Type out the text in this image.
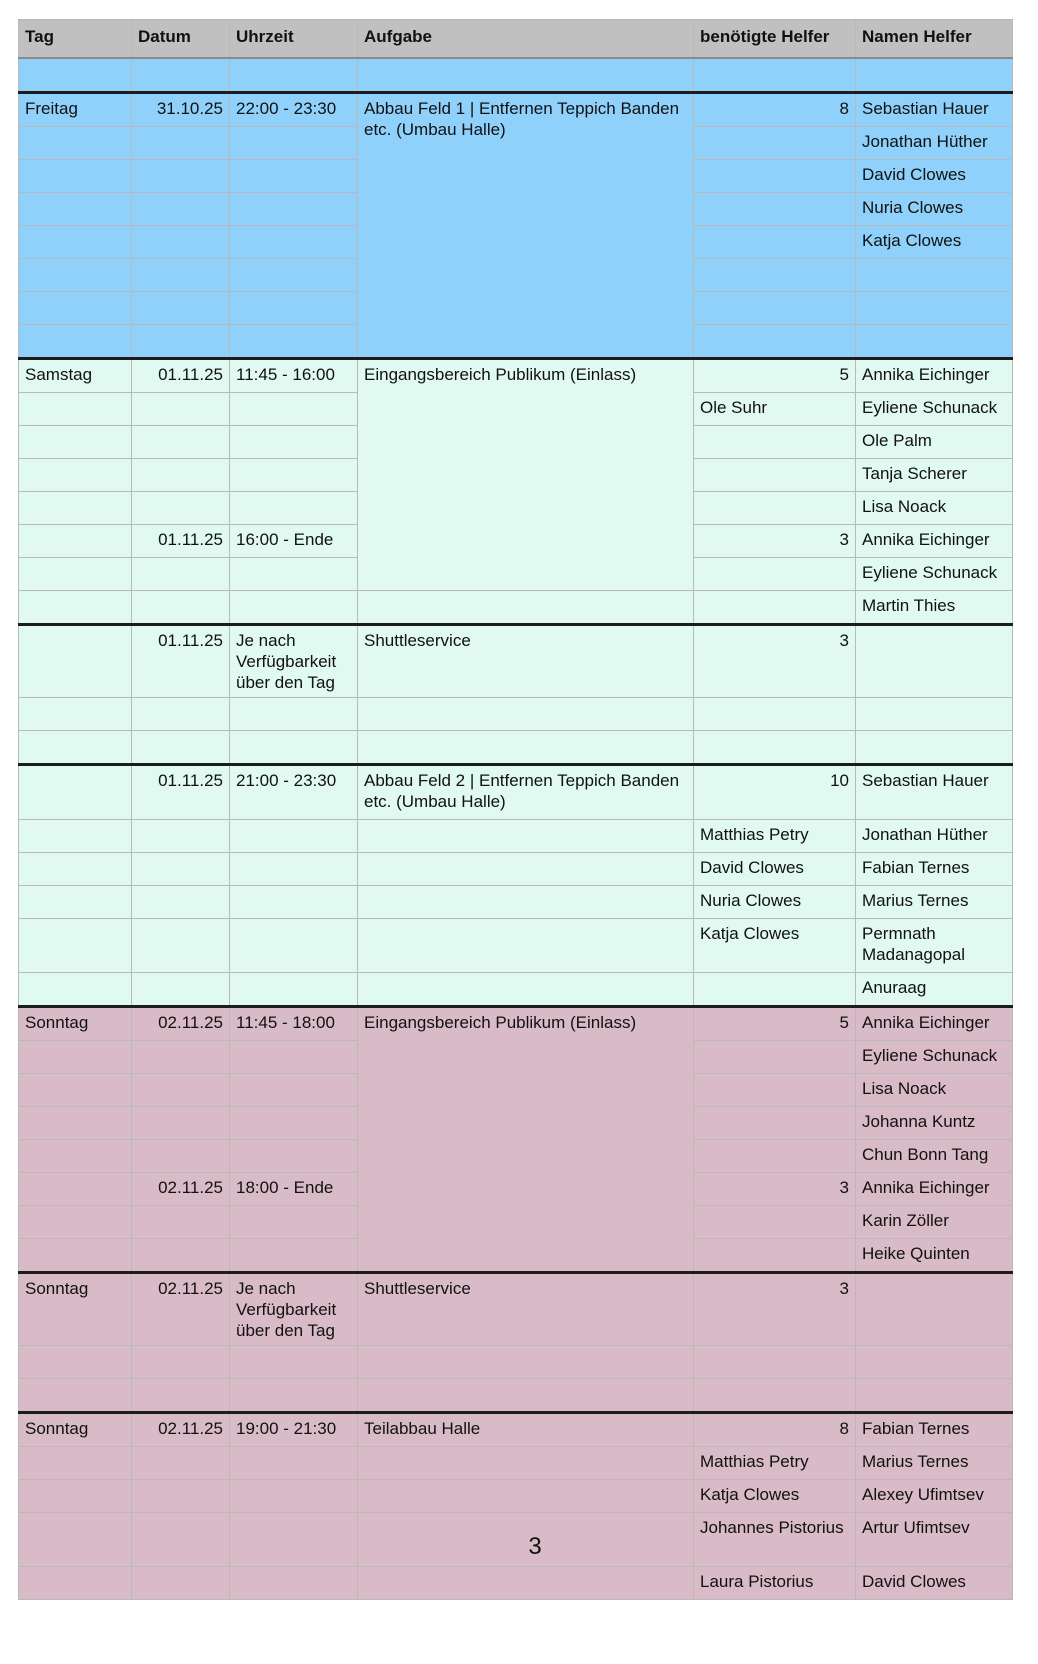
Tag	Datum	Uhrzeit	Aufgabe	benötigte Helfer	Namen Helfer

Freitag	31.10.25	22:00 - 23:30	Abbau Feld 1 | Entfernen Teppich Banden etc. (Umbau Halle)	8	Sebastian Hauer
					Jonathan Hüther
					David Clowes
					Nuria Clowes
					Katja Clowes

Samstag	01.11.25	11:45 - 16:00	Eingangsbereich Publikum (Einlass)	5	Annika Eichinger
				Ole Suhr	Eyliene Schunack
					Ole Palm
					Tanja Scherer
					Lisa Noack
	01.11.25	16:00 - Ende		3	Annika Eichinger
					Eyliene Schunack
					Martin Thies
	01.11.25	Je nach Verfügbarkeit über den Tag	Shuttleservice	3	

	01.11.25	21:00 - 23:30	Abbau Feld 2 | Entfernen Teppich Banden etc. (Umbau Halle)	10	Sebastian Hauer
				Matthias Petry	Jonathan Hüther
				David Clowes	Fabian Ternes
				Nuria Clowes	Marius Ternes
				Katja Clowes	Permnath Madanagopal
					Anuraag
Sonntag	02.11.25	11:45 - 18:00	Eingangsbereich Publikum (Einlass)	5	Annika Eichinger
					Eyliene Schunack
					Lisa Noack
					Johanna Kuntz
					Chun Bonn Tang
	02.11.25	18:00 - Ende		3	Annika Eichinger
					Karin Zöller
					Heike Quinten
Sonntag	02.11.25	Je nach Verfügbarkeit über den Tag	Shuttleservice	3	

Sonntag	02.11.25	19:00 - 21:30	Teilabbau Halle	8	Fabian Ternes
				Matthias Petry	Marius Ternes
				Katja Clowes	Alexey Ufimtsev
				Johannes Pistorius	Artur Ufimtsev
				Laura Pistorius	David Clowes
3
